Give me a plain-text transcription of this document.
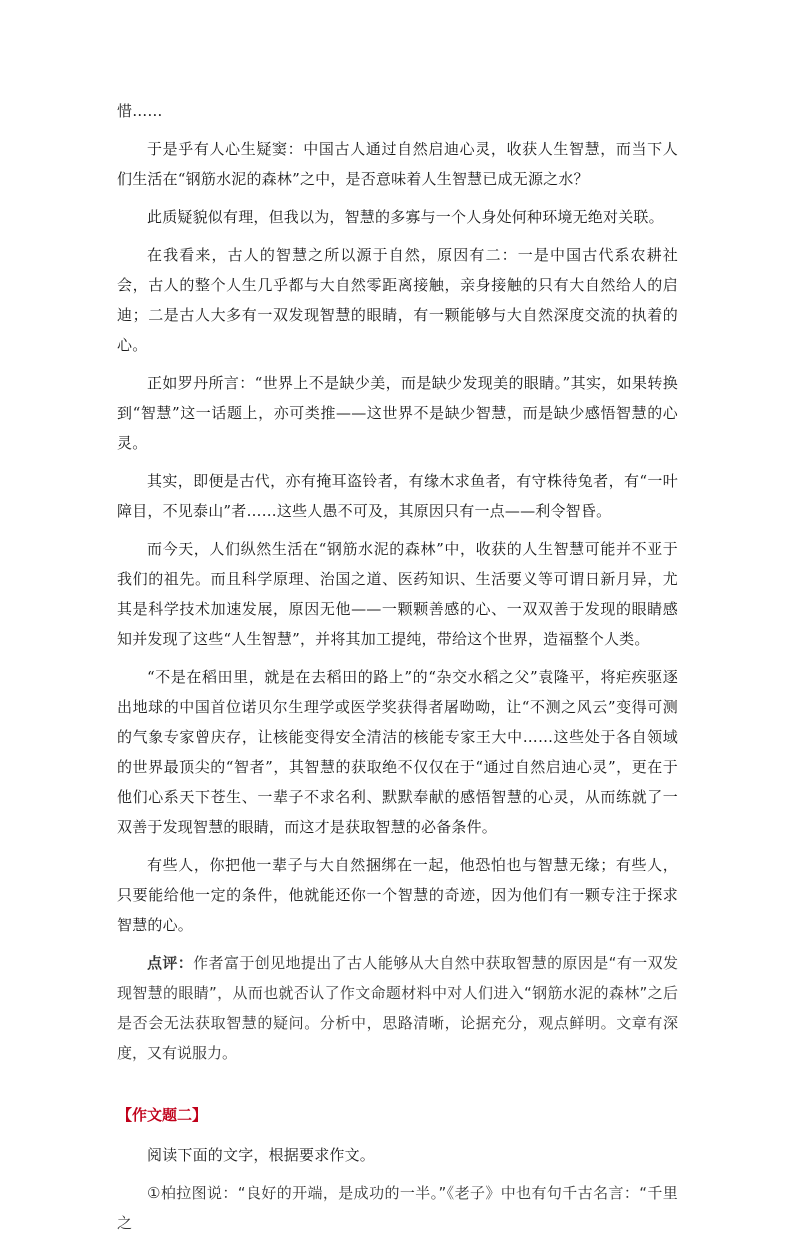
惜……

于是乎有人心生疑窦：中国古人通过自然启迪心灵，收获人生智慧，而当下人们生活在“钢筋水泥的森林”之中，是否意味着人生智慧已成无源之水？

此质疑貌似有理，但我以为，智慧的多寡与一个人身处何种环境无绝对关联。

在我看来，古人的智慧之所以源于自然，原因有二：一是中国古代系农耕社会，古人的整个人生几乎都与大自然零距离接触，亲身接触的只有大自然给人的启迪；二是古人大多有一双发现智慧的眼睛，有一颗能够与大自然深度交流的执着的心。

正如罗丹所言：“世界上不是缺少美，而是缺少发现美的眼睛。”其实，如果转换到“智慧”这一话题上，亦可类推——这世界不是缺少智慧，而是缺少感悟智慧的心灵。

其实，即便是古代，亦有掩耳盗铃者，有缘木求鱼者，有守株待兔者，有“一叶障目，不见泰山”者……这些人愚不可及，其原因只有一点——利令智昏。

而今天，人们纵然生活在“钢筋水泥的森林”中，收获的人生智慧可能并不亚于我们的祖先。而且科学原理、治国之道、医药知识、生活要义等可谓日新月异，尤其是科学技术加速发展，原因无他——一颗颗善感的心、一双双善于发现的眼睛感知并发现了这些“人生智慧”，并将其加工提纯，带给这个世界，造福整个人类。

“不是在稻田里，就是在去稻田的路上”的“杂交水稻之父”袁隆平，将疟疾驱逐出地球的中国首位诺贝尔生理学或医学奖获得者屠呦呦，让“不测之风云”变得可测的气象专家曾庆存，让核能变得安全清洁的核能专家王大中……这些处于各自领域的世界最顶尖的“智者”，其智慧的获取绝不仅仅在于“通过自然启迪心灵”，更在于他们心系天下苍生、一辈子不求名利、默默奉献的感悟智慧的心灵，从而练就了一双善于发现智慧的眼睛，而这才是获取智慧的必备条件。

有些人，你把他一辈子与大自然捆绑在一起，他恐怕也与智慧无缘；有些人，只要能给他一定的条件，他就能还你一个智慧的奇迹，因为他们有一颗专注于探求智慧的心。

点评：作者富于创见地提出了古人能够从大自然中获取智慧的原因是“有一双发现智慧的眼睛”，从而也就否认了作文命题材料中对人们进入“钢筋水泥的森林”之后是否会无法获取智慧的疑问。分析中，思路清晰，论据充分，观点鲜明。文章有深度，又有说服力。

【作文题二】

阅读下面的文字，根据要求作文。

①柏拉图说：“良好的开端，是成功的一半。”《老子》中也有句千古名言：“千里之
